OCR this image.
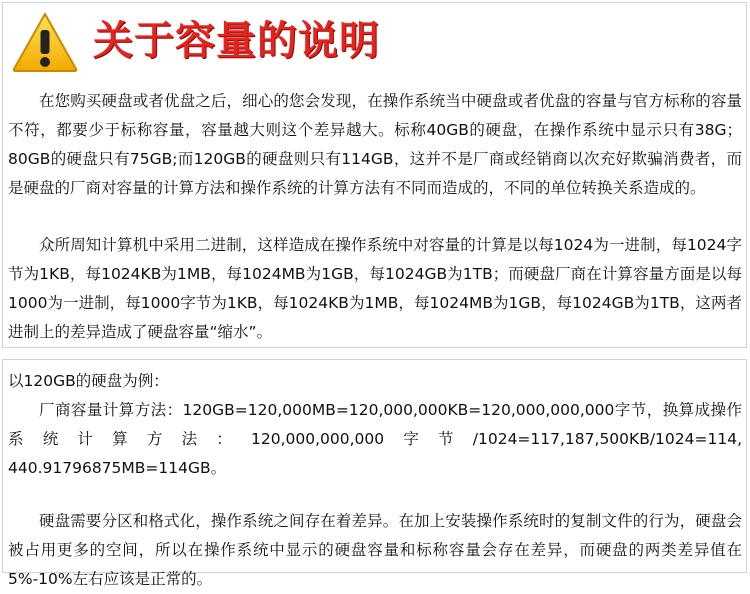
关于容量的说明

在您购买硬盘或者优盘之后，细心的您会发现，在操作系统当中硬盘或者优盘的容量与官方标称的容量不符，都要少于标称容量，容量越大则这个差异越大。标称40GB的硬盘，在操作系统中显示只有38G；80GB的硬盘只有75GB;而120GB的硬盘则只有114GB，这并不是厂商或经销商以次充好欺骗消费者，而是硬盘的厂商对容量的计算方法和操作系统的计算方法有不同而造成的，不同的单位转换关系造成的。

众所周知计算机中采用二进制，这样造成在操作系统中对容量的计算是以每1024为一进制，每1024字节为1KB，每1024KB为1MB，每1024MB为1GB，每1024GB为1TB；而硬盘厂商在计算容量方面是以每1000为一进制，每1000字节为1KB，每1024KB为1MB，每1024MB为1GB，每1024GB为1TB，这两者进制上的差异造成了硬盘容量“缩水”。

以120GB的硬盘为例：

厂商容量计算方法：120GB=120,000MB=120,000,000KB=120,000,000,000字节，换算成操作系统计算方法：120,000,000,000字节/1024=117,187,500KB/1024=114, 440.91796875MB=114GB。

硬盘需要分区和格式化，操作系统之间存在着差异。在加上安装操作系统时的复制文件的行为，硬盘会被占用更多的空间，所以在操作系统中显示的硬盘容量和标称容量会存在差异，而硬盘的两类差异值在5%-10%左右应该是正常的。
